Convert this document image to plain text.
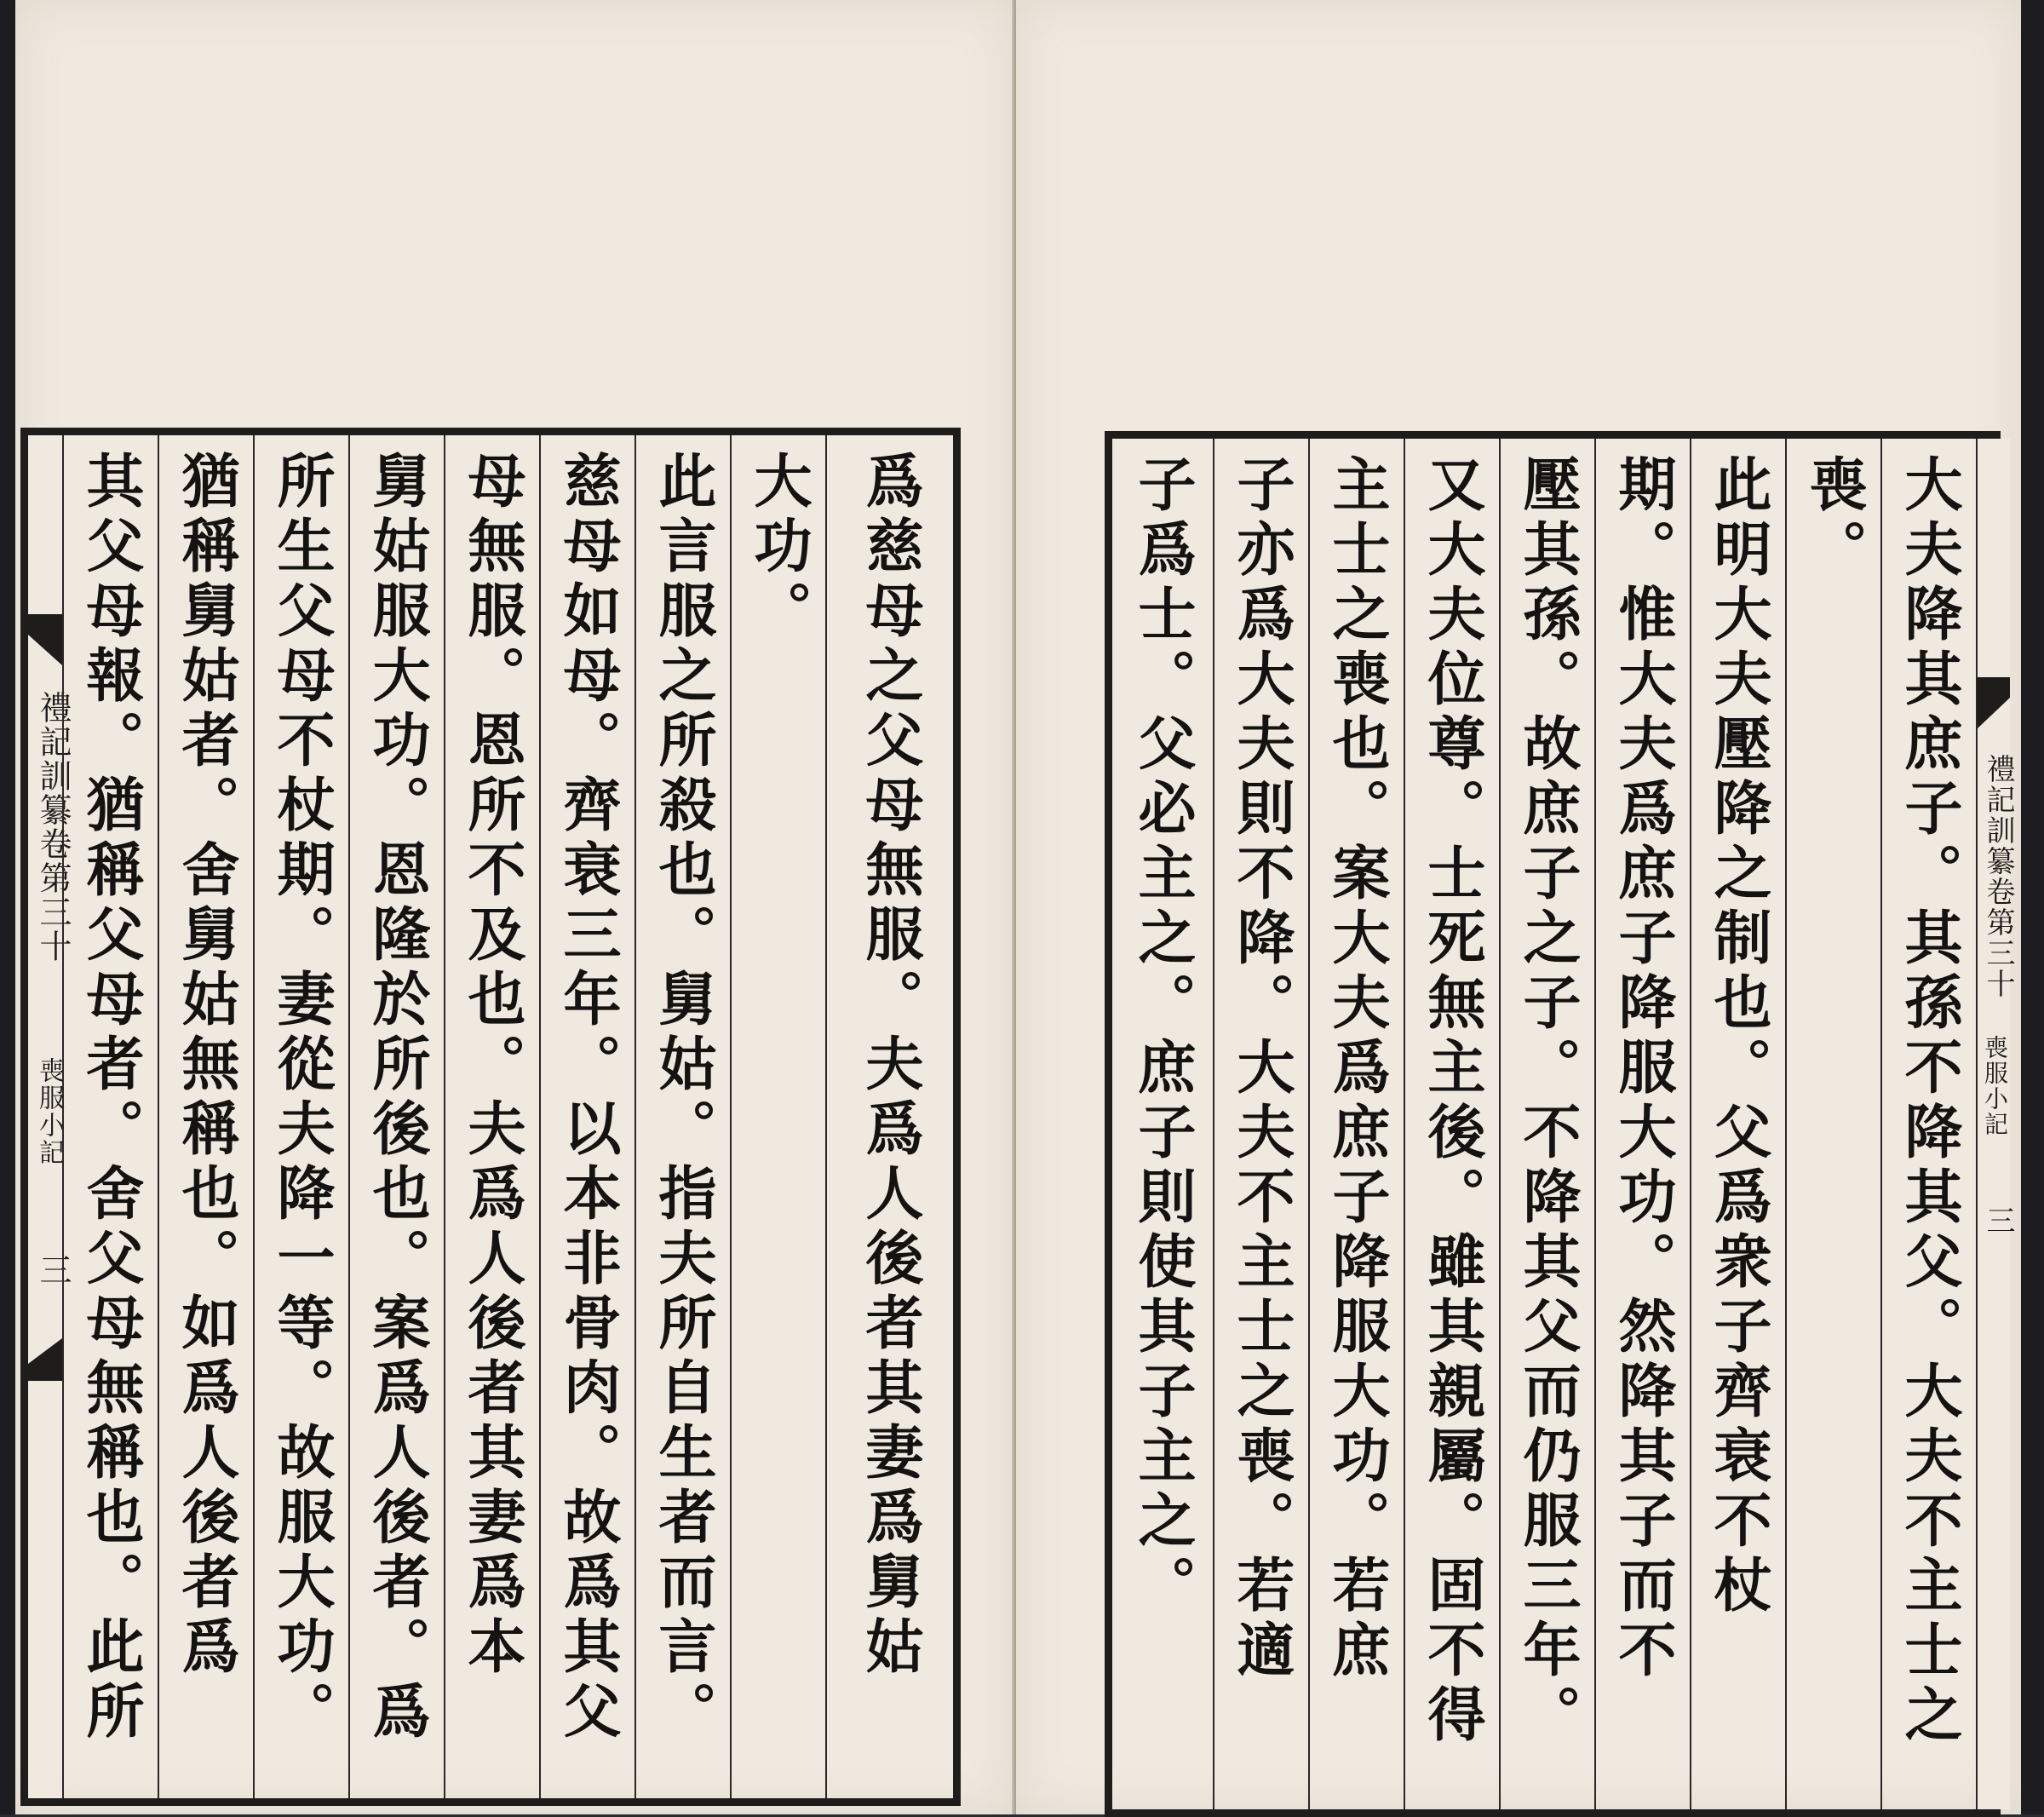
禮記訓纂卷第三十
喪服小記
三 其父母報。猶稱父母者。舍父母無稱也。此所 猶稱舅姑者。舍舅姑無稱也。如爲人後者爲 所生父母不杖期。妻從夫降一等。故服大功。 舅姑服大功。恩隆於所後也。案爲人後者。爲 母無服。恩所不及也。夫爲人後者其妻爲本 慈母如母。齊衰三年。以本非骨肉。故爲其父 此言服之所殺也。舅姑。指夫所自生者而言。 大功。 爲慈母之父母無服。夫爲人後者其妻爲舅姑	子爲士。父必主之。庶子則使其子主之。 子亦爲大夫則不降。大夫不主士之喪。若適 主士之喪也。案大夫爲庶子降服大功。若庶 又大夫位尊。士死無主後。雖其親屬。固不得 壓其孫。故庶子之子。不降其父而仍服三年。 期。惟大夫爲庶子降服大功。然降其子而不 此明大夫壓降之制也。父爲衆子齊衰不杖 喪。 大夫降其庶子。其孫不降其父。大夫不主士之 禮記訓纂卷第三十
喪服小記
三
